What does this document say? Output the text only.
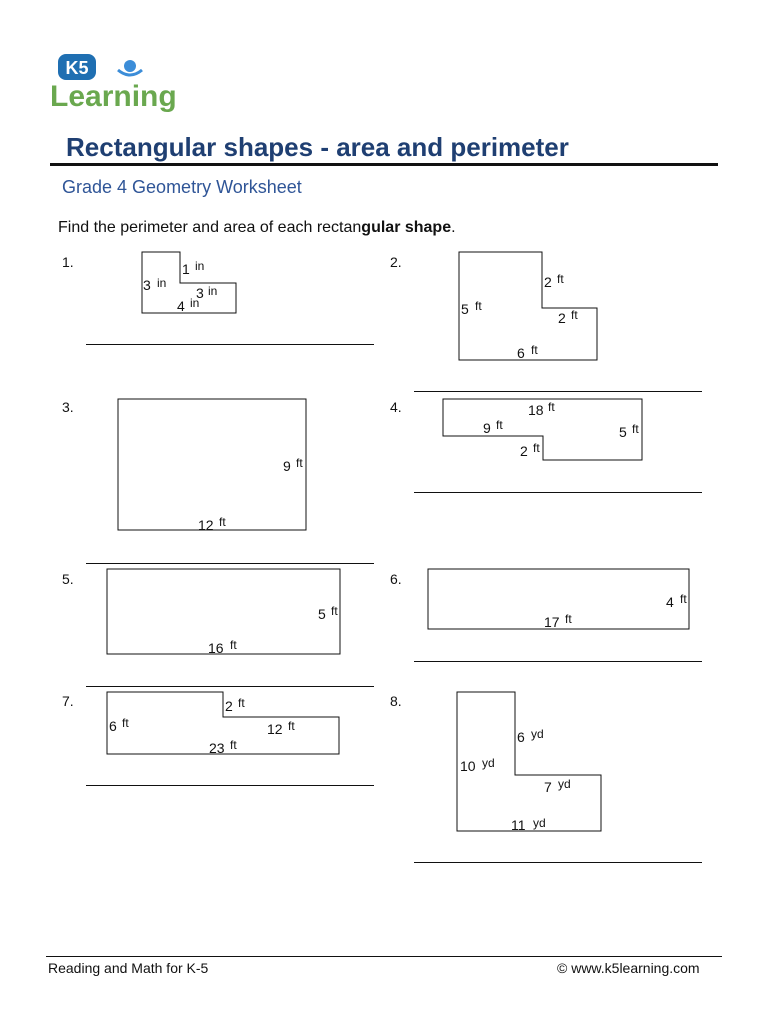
K5
Learning
Rectangular shapes - area and perimeter
Grade 4 Geometry Worksheet
Find the perimeter and area of each rectangular shape.
1.	2.
3.	4.
5.	6.
7.	8.
3 in
1 in
3 in
4 in
2 ft
5 ft
2 ft
6 ft
9 ft
12 ft
18 ft
9 ft	5 ft
2 ft
5 ft
16 ft
4 ft
17 ft
2 ft
6 ft	12 ft
23 ft	6 yd
10 yd
7 yd
11 yd
Reading and Math for K-5	© www.k5learning.com
